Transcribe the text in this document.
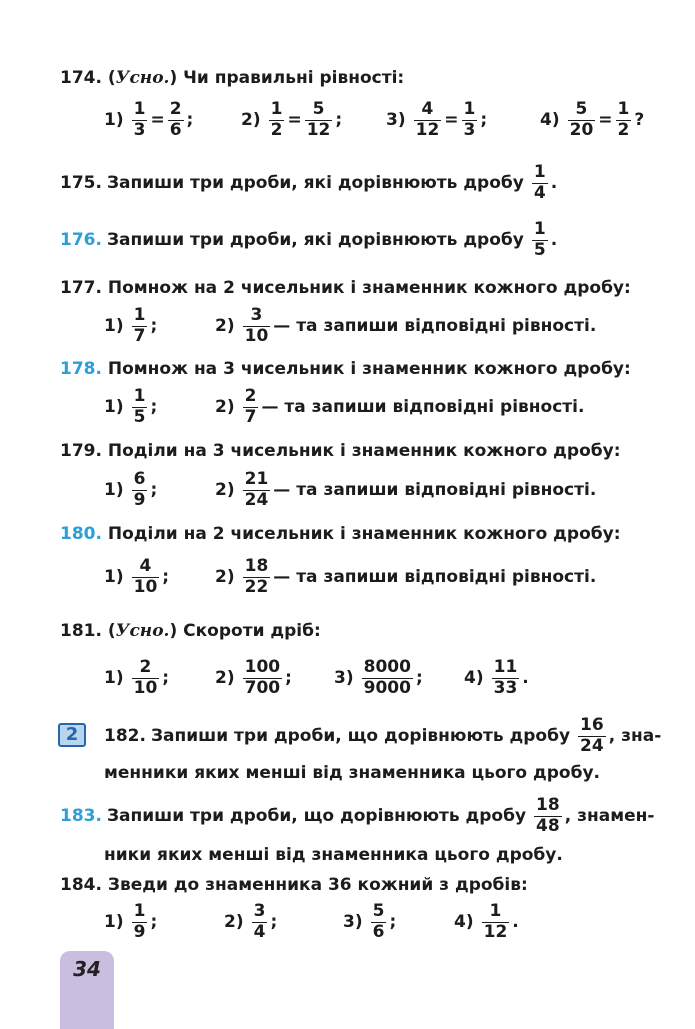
174. (Усно.) Чи правильні рівності:
$1) \frac{1}{3} = \frac{2}{6}$ ;	$2) \frac{1}{2} = \frac{5}{12}$ ;	$3) \frac{4}{12} = \frac{1}{3}$ ;	$4) \frac{5}{20} = \frac{1}{2}$ ?
175. Запиши три дроби, які дорівнюють дробу $\frac{1}{4}$ .
176. Запиши три дроби, які дорівнюють дробу $\frac{1}{5}$ .
177. Помнож на 2 чисельник і знаменник кожного дробу:
$1) \frac{1}{7}$ ;	$2) \frac{3}{10}$ — та запиши відповідні рівності.
178. Помнож на 3 чисельник і знаменник кожного дробу:
$1) \frac{1}{5}$ ;	$2) \frac{2}{7}$ — та запиши відповідні рівності.
179. Поділи на 3 чисельник і знаменник кожного дробу:
$1) \frac{6}{9}$ ;	$2) \frac{21}{24}$ — та запиши відповідні рівності.
180. Поділи на 2 чисельник і знаменник кожного дробу:
$1) \frac{4}{10}$ ;	$2) \frac{18}{22}$ — та запиши відповідні рівності.
181. (Усно.) Скороти дріб:
$1) \frac{2}{10}$ ;	$2) \frac{100}{700}$ ; $3) \frac{8000}{9000}$ ; $4) \frac{11}{33}$ .
2	182. Запиши три дроби, що дорівнюють дробу $\frac{16}{24}$ , зна-
менники яких менші від знаменника цього дробу.
183. Запиши три дроби, що дорівнюють дробу $\frac{18}{48}$ , знамен-
ники яких менші від знаменника цього дробу.
184. Зведи до знаменника 36 кожний з дробів:
$1) \frac{1}{9}$ ;	$2) \frac{3}{4}$ ;	$3) \frac{5}{6}$ ;	$4) \frac{1}{12}$ .
34
